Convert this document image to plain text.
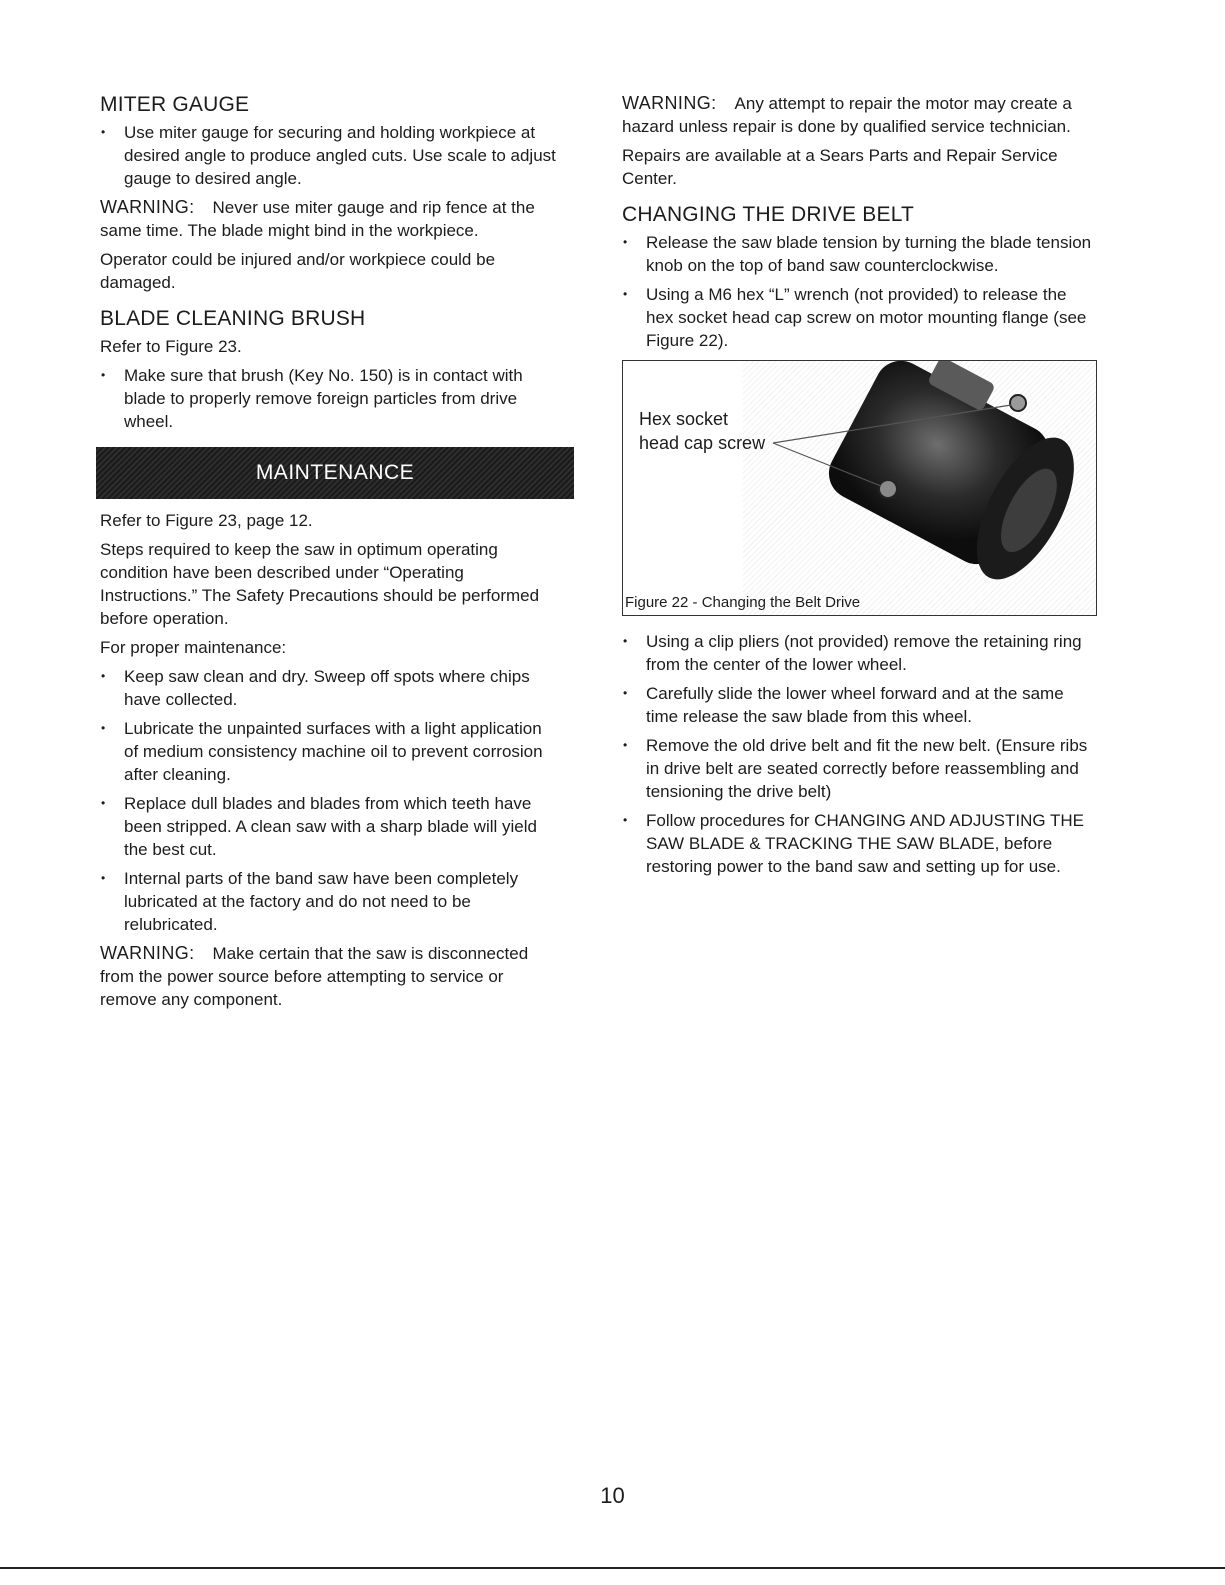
MITER GAUGE
• Use miter gauge for securing and holding workpiece at desired angle to produce angled cuts. Use scale to adjust gauge to desired angle.

WARNING: Never use miter gauge and rip fence at the same time. The blade might bind in the workpiece.

Operator could be injured and/or workpiece could be damaged.

BLADE CLEANING BRUSH

Refer to Figure 23.

• Make sure that brush (Key No. 150) is in contact with blade to properly remove foreign particles from drive wheel.
MAINTENANCE

Refer to Figure 23, page 12.

Steps required to keep the saw in optimum operating condition have been described under “Operating Instructions.” The Safety Precautions should be performed before operation.

For proper maintenance:

• Keep saw clean and dry. Sweep off spots where chips have collected.
• Lubricate the unpainted surfaces with a light application of medium consistency machine oil to prevent corrosion after cleaning.
• Replace dull blades and blades from which teeth have been stripped. A clean saw with a sharp blade will yield the best cut.
• Internal parts of the band saw have been completely lubricated at the factory and do not need to be relubricated.

WARNING: Make certain that the saw is disconnected from the power source before attempting to service or remove any component.

WARNING: Any attempt to repair the motor may create a hazard unless repair is done by qualified service technician.

Repairs are available at a Sears Parts and Repair Service Center.

CHANGING THE DRIVE BELT
• Release the saw blade tension by turning the blade tension knob on the top of band saw counterclockwise.
• Using a M6 hex “L” wrench (not provided) to release the hex socket head cap screw on motor mounting flange (see Figure 22).
Hex socket
head cap screw
Figure 22 - Changing the Belt Drive
• Using a clip pliers (not provided) remove the retaining ring from the center of the lower wheel.
• Carefully slide the lower wheel forward and at the same time release the saw blade from this wheel.
• Remove the old drive belt and fit the new belt. (Ensure ribs in drive belt are seated correctly before reassembling and tensioning the drive belt)
• Follow procedures for CHANGING AND ADJUSTING THE SAW BLADE & TRACKING THE SAW BLADE, before restoring power to the band saw and setting up for use.
10
